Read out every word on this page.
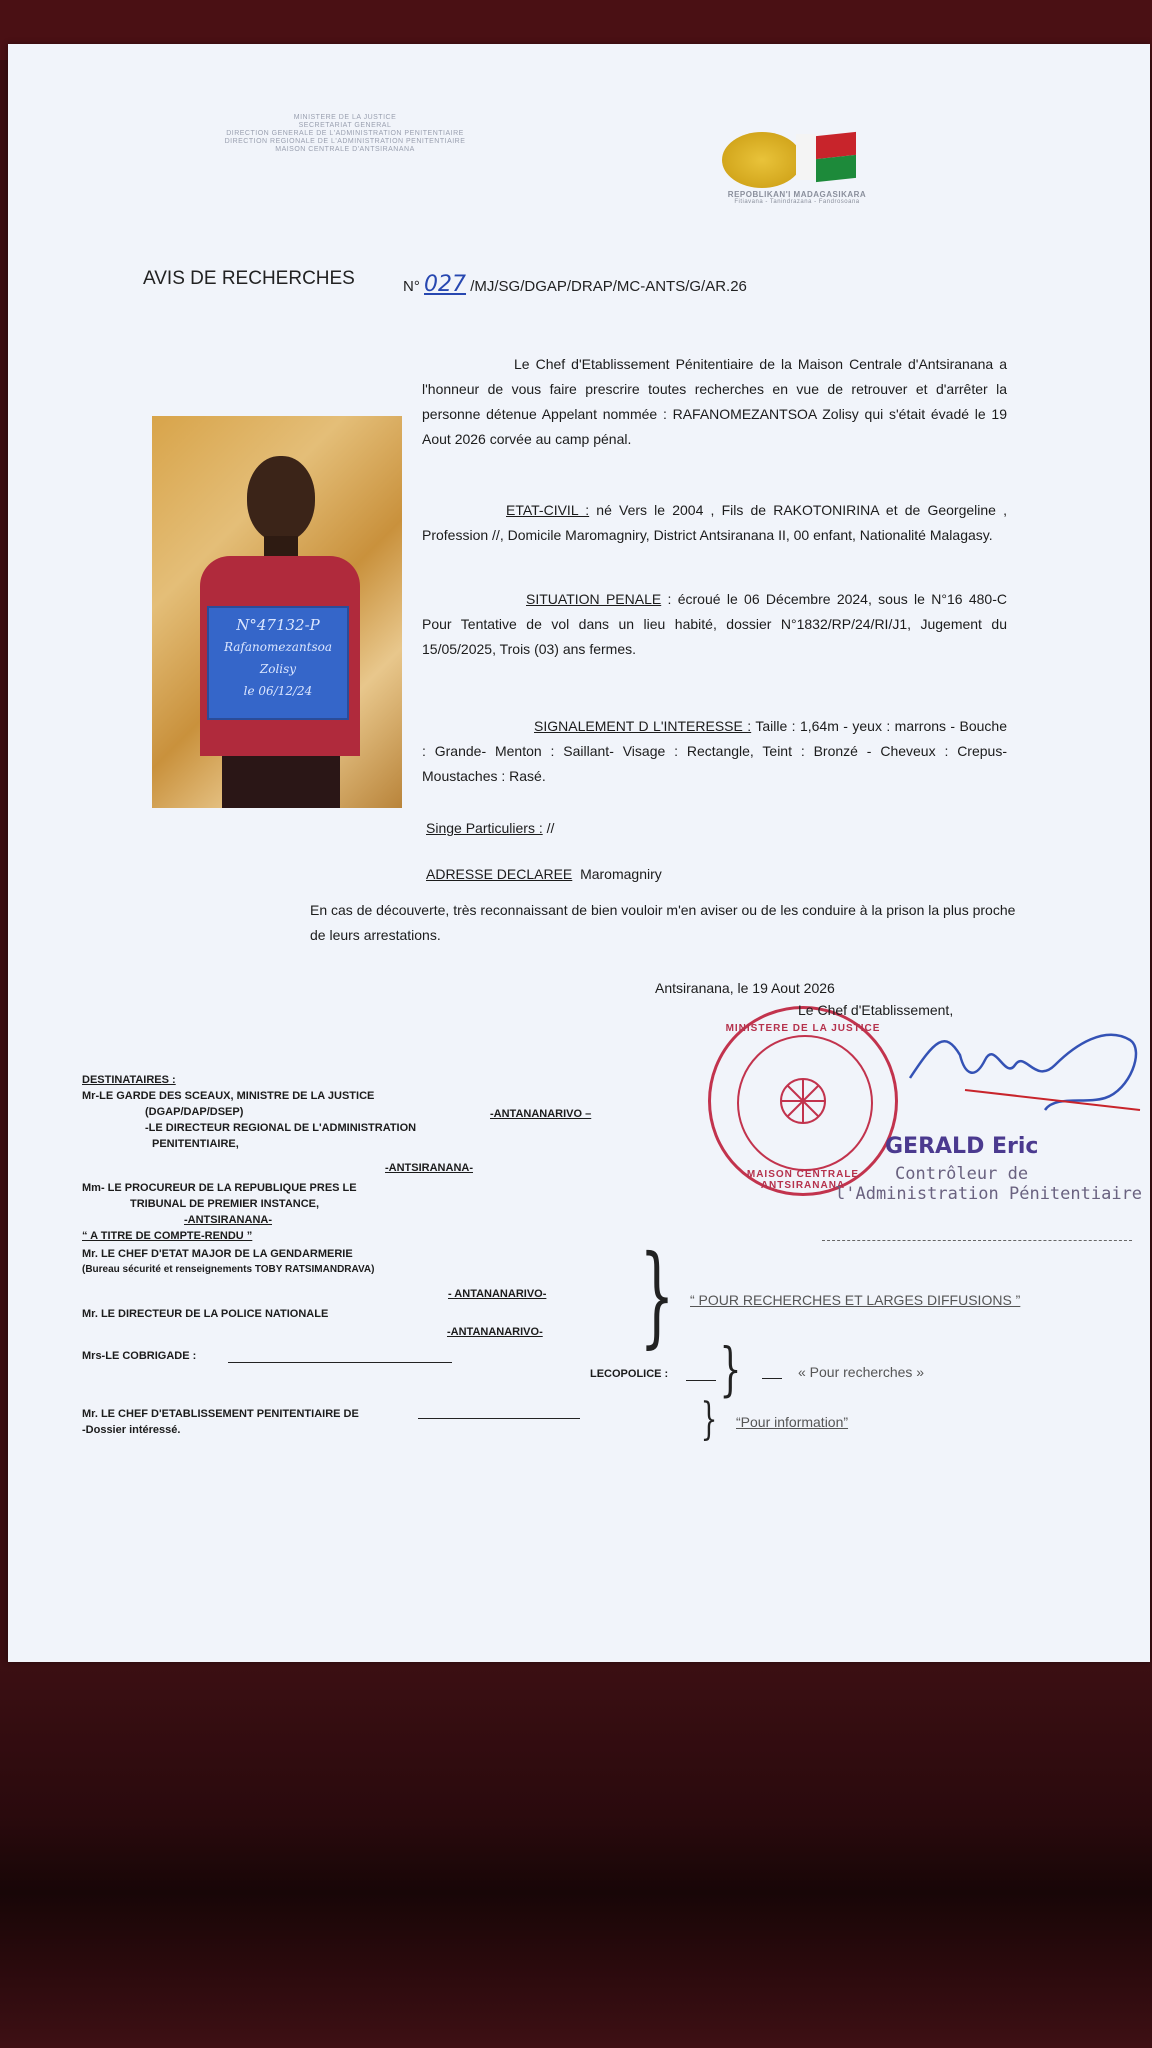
MINISTERE DE LA JUSTICE
SECRETARIAT GENERAL
DIRECTION GENERALE DE L'ADMINISTRATION PENITENTIAIRE
DIRECTION REGIONALE DE L'ADMINISTRATION PENITENTIAIRE
MAISON CENTRALE D'ANTSIRANANA
REPOBLIKAN'I MADAGASIKARA
Fitiavana - Tanindrazana - Fandrosoana
AVIS DE RECHERCHES	N° 027 /MJ/SG/DGAP/DRAP/MC-ANTS/G/AR.26
N°47132-P
Rafanomezantsoa
Zolisy
le 06/12/24
Le Chef d'Etablissement Pénitentiaire de la Maison Centrale d'Antsiranana a l'honneur de vous faire prescrire toutes recherches en vue de retrouver et d'arrêter la personne détenue Appelant nommée : RAFANOMEZANTSOA Zolisy qui s'était évadé le 19 Aout 2026 corvée au camp pénal.
ETAT-CIVIL : né Vers le 2004 , Fils de RAKOTONIRINA et de Georgeline , Profession //, Domicile Maromagniry, District Antsiranana II, 00 enfant, Nationalité Malagasy.
SITUATION PENALE : écroué le 06 Décembre 2024, sous le N°16 480-C Pour Tentative de vol dans un lieu habité, dossier N°1832/RP/24/RI/J1, Jugement du 15/05/2025, Trois (03) ans fermes.
SIGNALEMENT D L'INTERESSE : Taille : 1,64m - yeux : marrons - Bouche : Grande- Menton : Saillant- Visage : Rectangle, Teint : Bronzé - Cheveux : Crepus- Moustaches : Rasé.
Singe Particuliers : //
ADRESSE DECLAREE Maromagniry
En cas de découverte, très reconnaissant de bien vouloir m'en aviser ou de les conduire à la prison la plus proche de leurs arrestations.
Antsiranana, le 19 Aout 2026
MINISTERE DE LA JUSTICE
MAISON CENTRALE ANTSIRANANA
Le Chef d'Etablissement,
GERALD Eric
Contrôleur de
l'Administration Pénitentiaire
DESTINATAIRES :
Mr-LE GARDE DES SCEAUX, MINISTRE DE LA JUSTICE
(DGAP/DAP/DSEP)	-ANTANANARIVO –
-LE DIRECTEUR REGIONAL DE L'ADMINISTRATION
PENITENTIAIRE,
-ANTSIRANANA-
Mm- LE PROCUREUR DE LA REPUBLIQUE PRES LE
TRIBUNAL DE PREMIER INSTANCE,
-ANTSIRANANA-
“ A TITRE DE COMPTE-RENDU ”
Mr. LE CHEF D'ETAT MAJOR DE LA GENDARMERIE
(Bureau sécurité et renseignements TOBY RATSIMANDRAVA)
- ANTANANARIVO-
Mr. LE DIRECTEUR DE LA POLICE NATIONALE
-ANTANANARIVO-
Mrs-LE COBRIGADE :
LECOPOLICE :
Mr. LE CHEF D'ETABLISSEMENT PENITENTIAIRE DE
-Dossier intéressé.
} “ POUR RECHERCHES ET LARGES DIFFUSIONS ”
}	« Pour recherches »
} “Pour information”
